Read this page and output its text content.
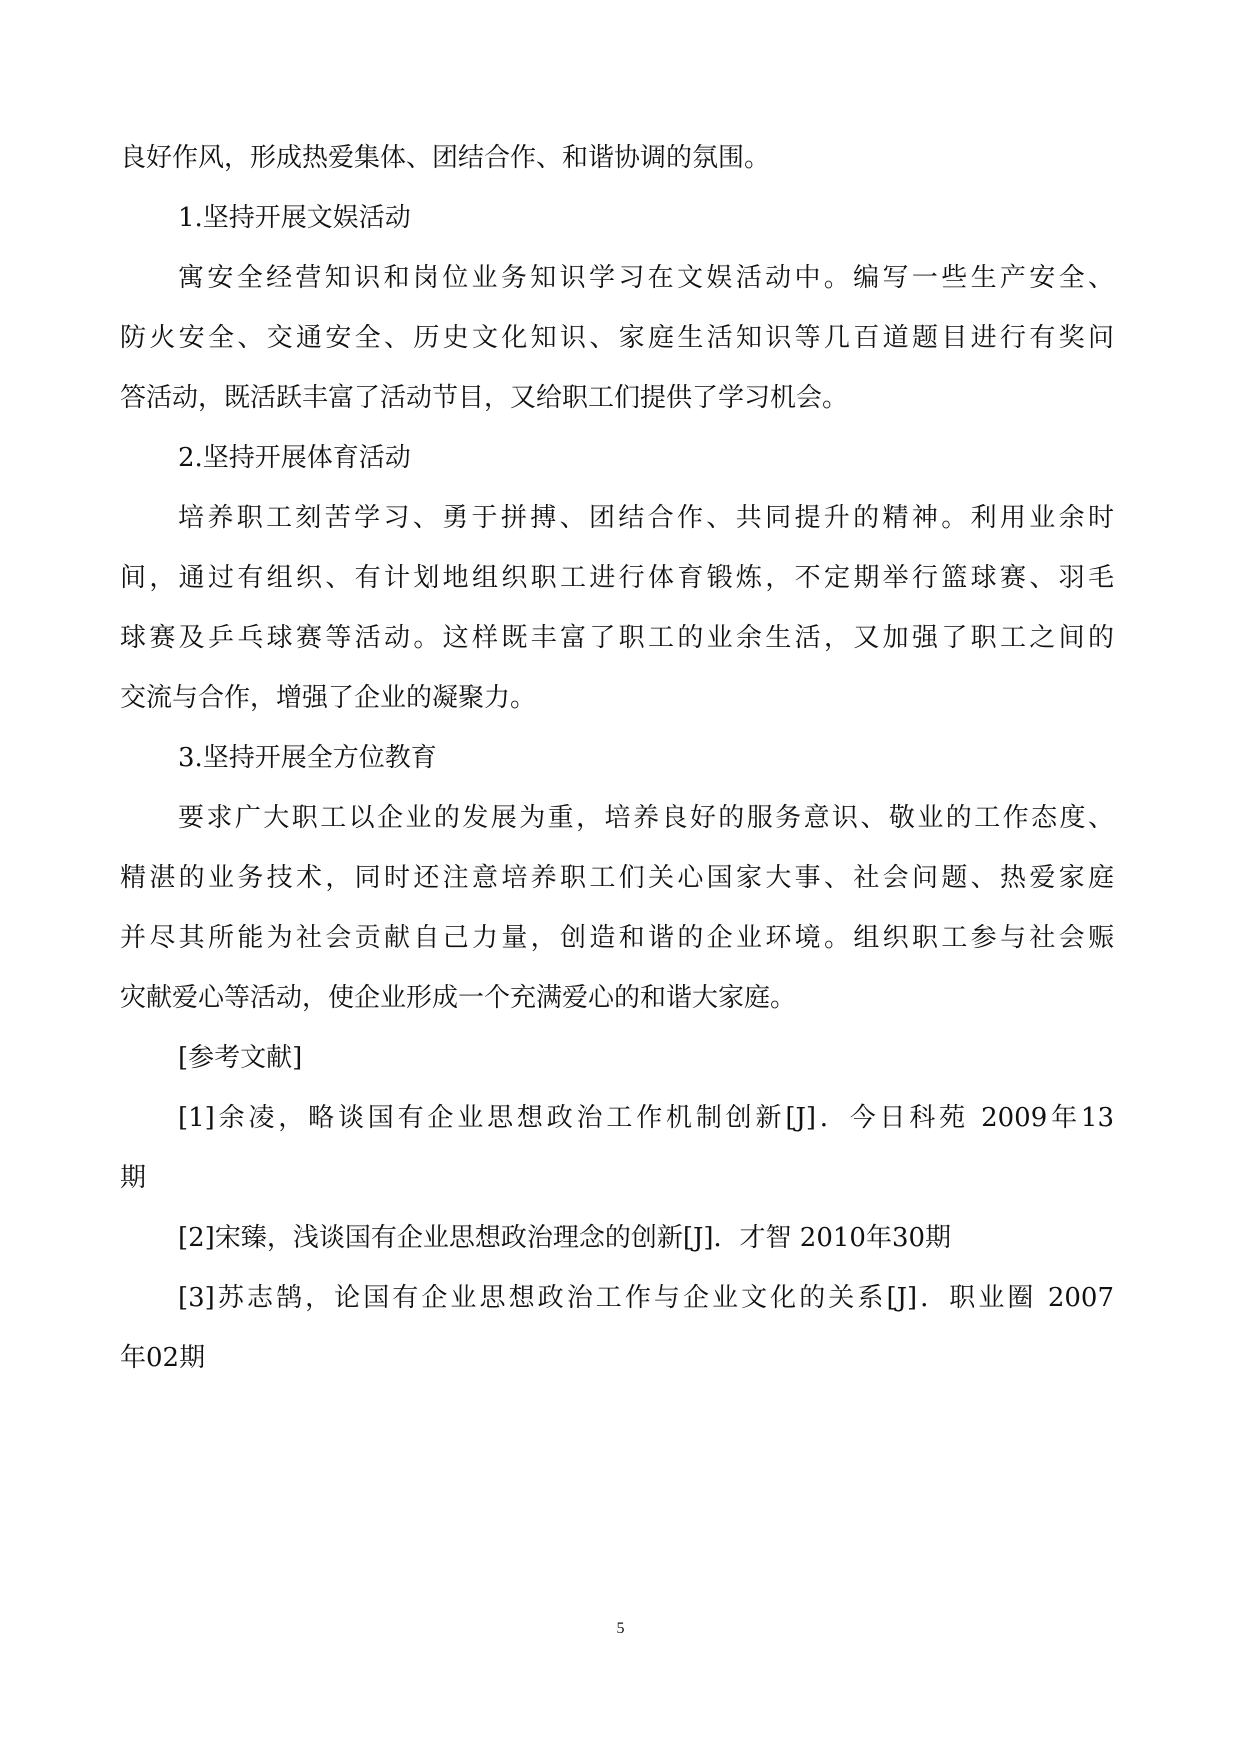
良好作风，形成热爱集体、团结合作、和谐协调的氛围。
1.坚持开展文娱活动
寓安全经营知识和岗位业务知识学习在文娱活动中。编写一些生产安全、
防火安全、交通安全、历史文化知识、家庭生活知识等几百道题目进行有奖问
答活动，既活跃丰富了活动节目，又给职工们提供了学习机会。
2.坚持开展体育活动
培养职工刻苦学习、勇于拼搏、团结合作、共同提升的精神。利用业余时
间，通过有组织、有计划地组织职工进行体育锻炼，不定期举行篮球赛、羽毛
球赛及乒乓球赛等活动。这样既丰富了职工的业余生活，又加强了职工之间的
交流与合作，增强了企业的凝聚力。
3.坚持开展全方位教育
要求广大职工以企业的发展为重，培养良好的服务意识、敬业的工作态度、
精湛的业务技术，同时还注意培养职工们关心国家大事、社会问题、热爱家庭
并尽其所能为社会贡献自己力量，创造和谐的企业环境。组织职工参与社会赈
灾献爱心等活动，使企业形成一个充满爱心的和谐大家庭。
[参考文献]
[1]余凌，略谈国有企业思想政治工作机制创新[J]．今日科苑 2009年13
期
[2]宋臻，浅谈国有企业思想政治理念的创新[J]．才智 2010年30期
[3]苏志鹄，论国有企业思想政治工作与企业文化的关系[J]．职业圈 2007
年02期
5
